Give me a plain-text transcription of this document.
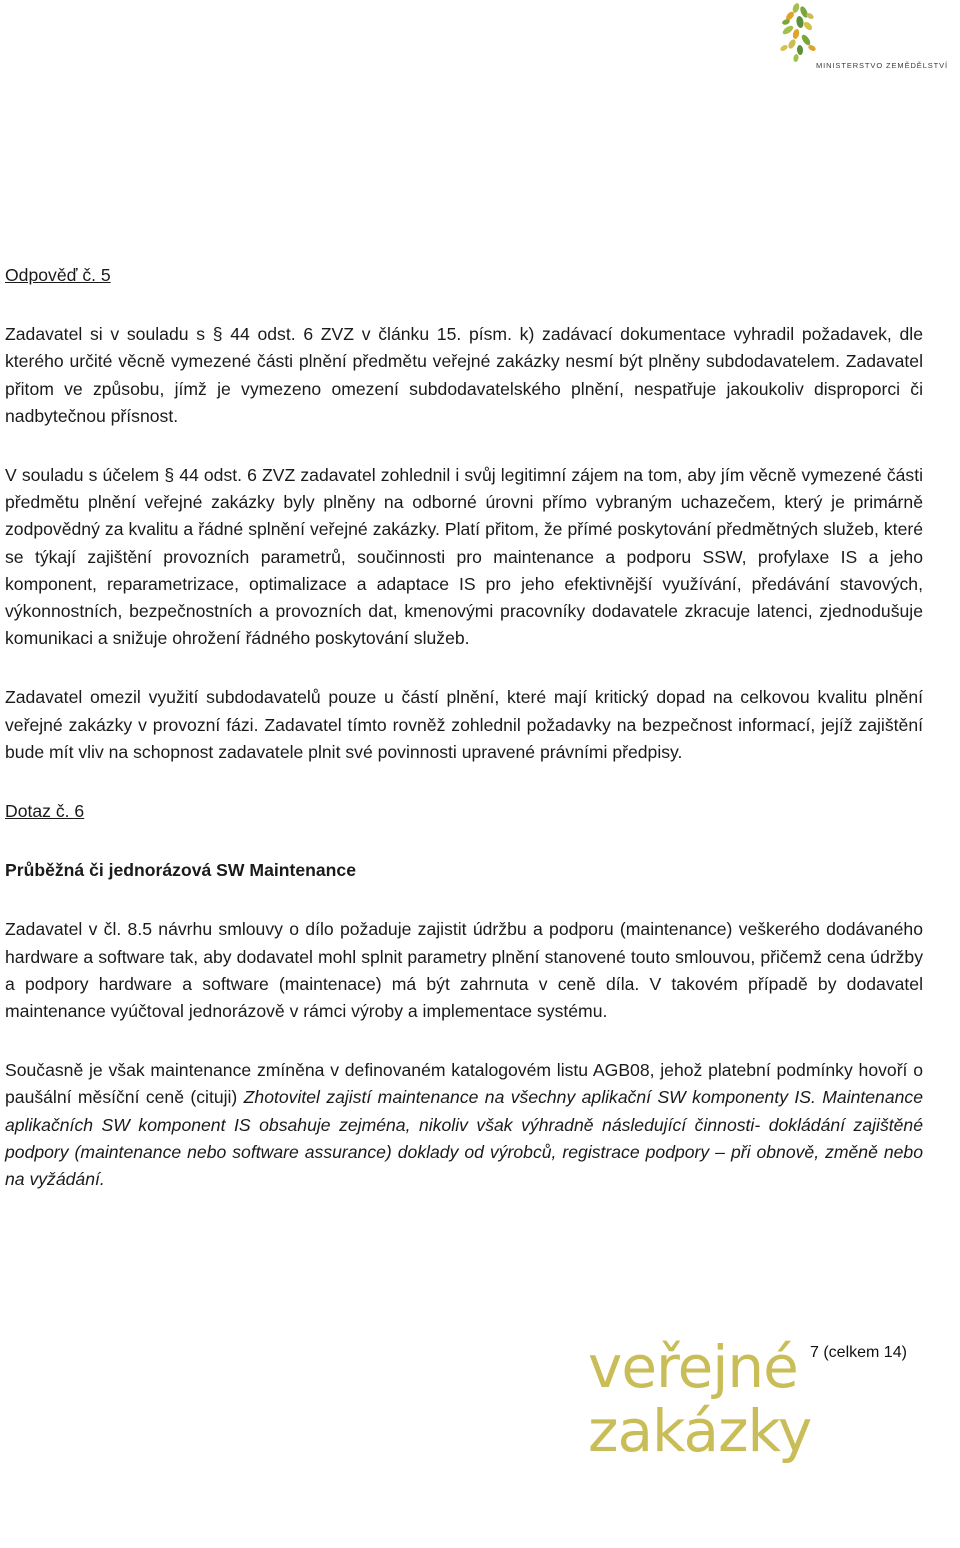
MINISTERSTVO ZEMĚDĚLSTVÍ
Odpověď č. 5

Zadavatel si v souladu s § 44 odst. 6 ZVZ v článku 15. písm. k) zadávací dokumentace vyhradil požadavek, dle kterého určité věcně vymezené části plnění předmětu veřejné zakázky nesmí být plněny subdodavatelem. Zadavatel přitom ve způsobu, jímž je vymezeno omezení subdodavatelského plnění, nespatřuje jakoukoliv disproporci či nadbytečnou přísnost.

V souladu s účelem § 44 odst. 6 ZVZ zadavatel zohlednil i svůj legitimní zájem na tom, aby jím věcně vymezené části předmětu plnění veřejné zakázky byly plněny na odborné úrovni přímo vybraným uchazečem, který je primárně zodpovědný za kvalitu a řádné splnění veřejné zakázky. Platí přitom, že přímé poskytování předmětných služeb, které se týkají zajištění provozních parametrů, součinnosti pro maintenance a podporu SSW, profylaxe IS a jeho komponent, reparametrizace, optimalizace a adaptace IS pro jeho efektivnější využívání, předávání stavových, výkonnostních, bezpečnostních a provozních dat, kmenovými pracovníky dodavatele zkracuje latenci, zjednodušuje komunikaci a snižuje ohrožení řádného poskytování služeb.

Zadavatel omezil využití subdodavatelů pouze u částí plnění, které mají kritický dopad na celkovou kvalitu plnění veřejné zakázky v provozní fázi. Zadavatel tímto rovněž zohlednil požadavky na bezpečnost informací, jejíž zajištění bude mít vliv na schopnost zadavatele plnit své povinnosti upravené právními předpisy.

Dotaz č. 6
Průběžná či jednorázová SW Maintenance

Zadavatel v čl. 8.5 návrhu smlouvy o dílo požaduje zajistit údržbu a podporu (maintenance) veškerého dodávaného hardware a software tak, aby dodavatel mohl splnit parametry plnění stanovené touto smlouvou, přičemž cena údržby a podpory hardware a software (maintenace) má být zahrnuta v ceně díla. V takovém případě by dodavatel maintenance vyúčtoval jednorázově v rámci výroby a implementace systému.

Současně je však maintenance zmíněna v definovaném katalogovém listu AGB08, jehož platební podmínky hovoří o paušální měsíční ceně (cituji) Zhotovitel zajistí maintenance na všechny aplikační SW komponenty IS. Maintenance aplikačních SW komponent IS obsahuje zejména, nikoliv však výhradně následující činnosti- dokládání zajištěné podpory (maintenance nebo software assurance) doklady od výrobců, registrace podpory – při obnově, změně nebo na vyžádání.

veřejné
zakázky
7 (celkem 14)
